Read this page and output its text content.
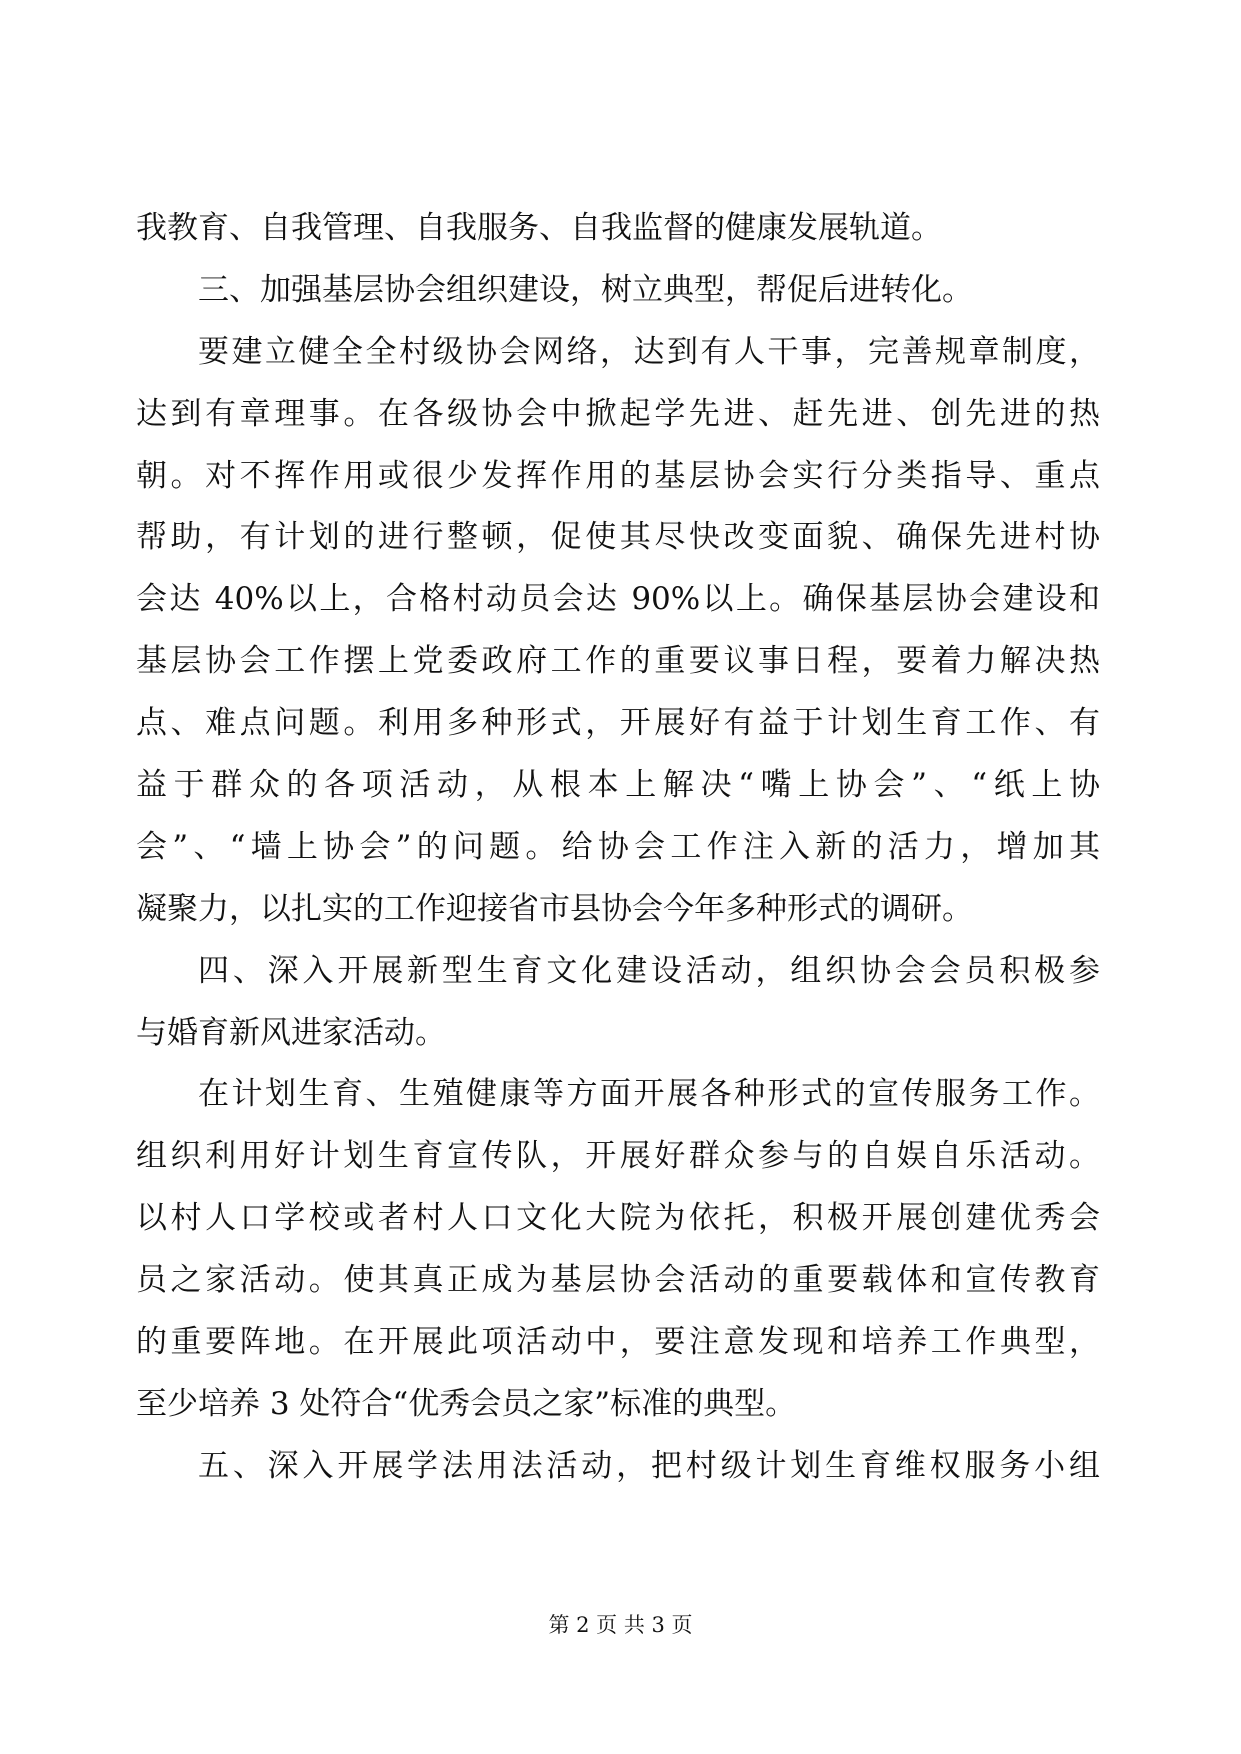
我教育、自我管理、自我服务、自我监督的健康发展轨道。
三、加强基层协会组织建设，树立典型，帮促后进转化。
要建立健全全村级协会网络，达到有人干事，完善规章制度，
达到有章理事。在各级协会中掀起学先进、赶先进、创先进的热
朝。对不挥作用或很少发挥作用的基层协会实行分类指导、重点
帮助，有计划的进行整顿，促使其尽快改变面貌、确保先进村协
会达 40%以上，合格村动员会达 90%以上。确保基层协会建设和
基层协会工作摆上党委政府工作的重要议事日程，要着力解决热
点、难点问题。利用多种形式，开展好有益于计划生育工作、有
益于群众的各项活动，从根本上解决“嘴上协会”、“纸上协
会”、“墙上协会”的问题。给协会工作注入新的活力，增加其
凝聚力，以扎实的工作迎接省市县协会今年多种形式的调研。
四、深入开展新型生育文化建设活动，组织协会会员积极参
与婚育新风进家活动。
在计划生育、生殖健康等方面开展各种形式的宣传服务工作。
组织利用好计划生育宣传队，开展好群众参与的自娱自乐活动。
以村人口学校或者村人口文化大院为依托，积极开展创建优秀会
员之家活动。使其真正成为基层协会活动的重要载体和宣传教育
的重要阵地。在开展此项活动中，要注意发现和培养工作典型，
至少培养 3 处符合“优秀会员之家”标准的典型。
五、深入开展学法用法活动，把村级计划生育维权服务小组
第 2 页 共 3 页
